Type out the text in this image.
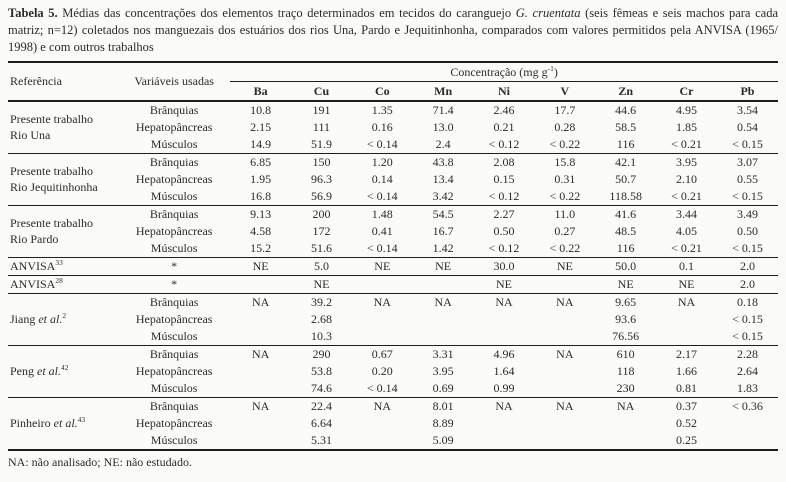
Tabela 5. Médias das concentrações dos elementos traço determinados em tecidos do caranguejo G. cruentata (seis fêmeas e seis machos para cada matriz; n=12) coletados nos manguezais dos estuários dos rios Una, Pardo e Jequitinhonha, comparados com valores permitidos pela ANVISA (1965/ 1998) e com outros trabalhos

Referência	Variáveis usadas	Concentração (mg $g^{-1}$)								
		Ba	Cu	Co	Mn	Ni	V	Zn	Cr	Pb
Presente trabalho
Rio Una	Brânquias	10.8	191	1.35	71.4	2.46	17.7	44.6	4.95	3.54
	Hepatopâncreas	2.15	111	0.16	13.0	0.21	0.28	58.5	1.85	0.54
	Músculos	14.9	51.9	< 0.14	2.4	< 0.12	< 0.22	116	< 0.21	< 0.15
Presente trabalho
Rio Jequitinhonha	Brânquias	6.85	150	1.20	43.8	2.08	15.8	42.1	3.95	3.07
	Hepatopâncreas	1.95	96.3	0.14	13.4	0.15	0.31	50.7	2.10	0.55
	Músculos	16.8	56.9	< 0.14	3.42	< 0.12	< 0.22	118.58	< 0.21	< 0.15
Presente trabalho
Rio Pardo	Brânquias	9.13	200	1.48	54.5	2.27	11.0	41.6	3.44	3.49
	Hepatopâncreas	4.58	172	0.41	16.7	0.50	0.27	48.5	4.05	0.50
	Músculos	15.2	51.6	< 0.14	1.42	< 0.12	< 0.22	116	< 0.21	< 0.15
ANVISA$^{33}$	*	NE	5.0	NE	NE	30.0	NE	50.0	0.1	2.0
ANVISA$^{28}$	*		NE			NE		NE	NE	2.0
Jiang et al.$^2$	Brânquias	NA	39.2	NA	NA	NA	NA	9.65	NA	0.18
	Hepatopâncreas		2.68					93.6		< 0.15
	Músculos		10.3					76.56		< 0.15
Peng et al.$^{42}$	Brânquias	NA	290	0.67	3.31	4.96	NA	610	2.17	2.28
	Hepatopâncreas		53.8	0.20	3.95	1.64		118	1.66	2.64
	Músculos		74.6	< 0.14	0.69	0.99		230	0.81	1.83
Pinheiro et al.$^{43}$	Brânquias	NA	22.4	NA	8.01	NA	NA	NA	0.37	< 0.36
	Hepatopâncreas		6.64		8.89				0.52	
	Músculos		5.31		5.09				0.25	

NA: não analisado; NE: não estudado.
